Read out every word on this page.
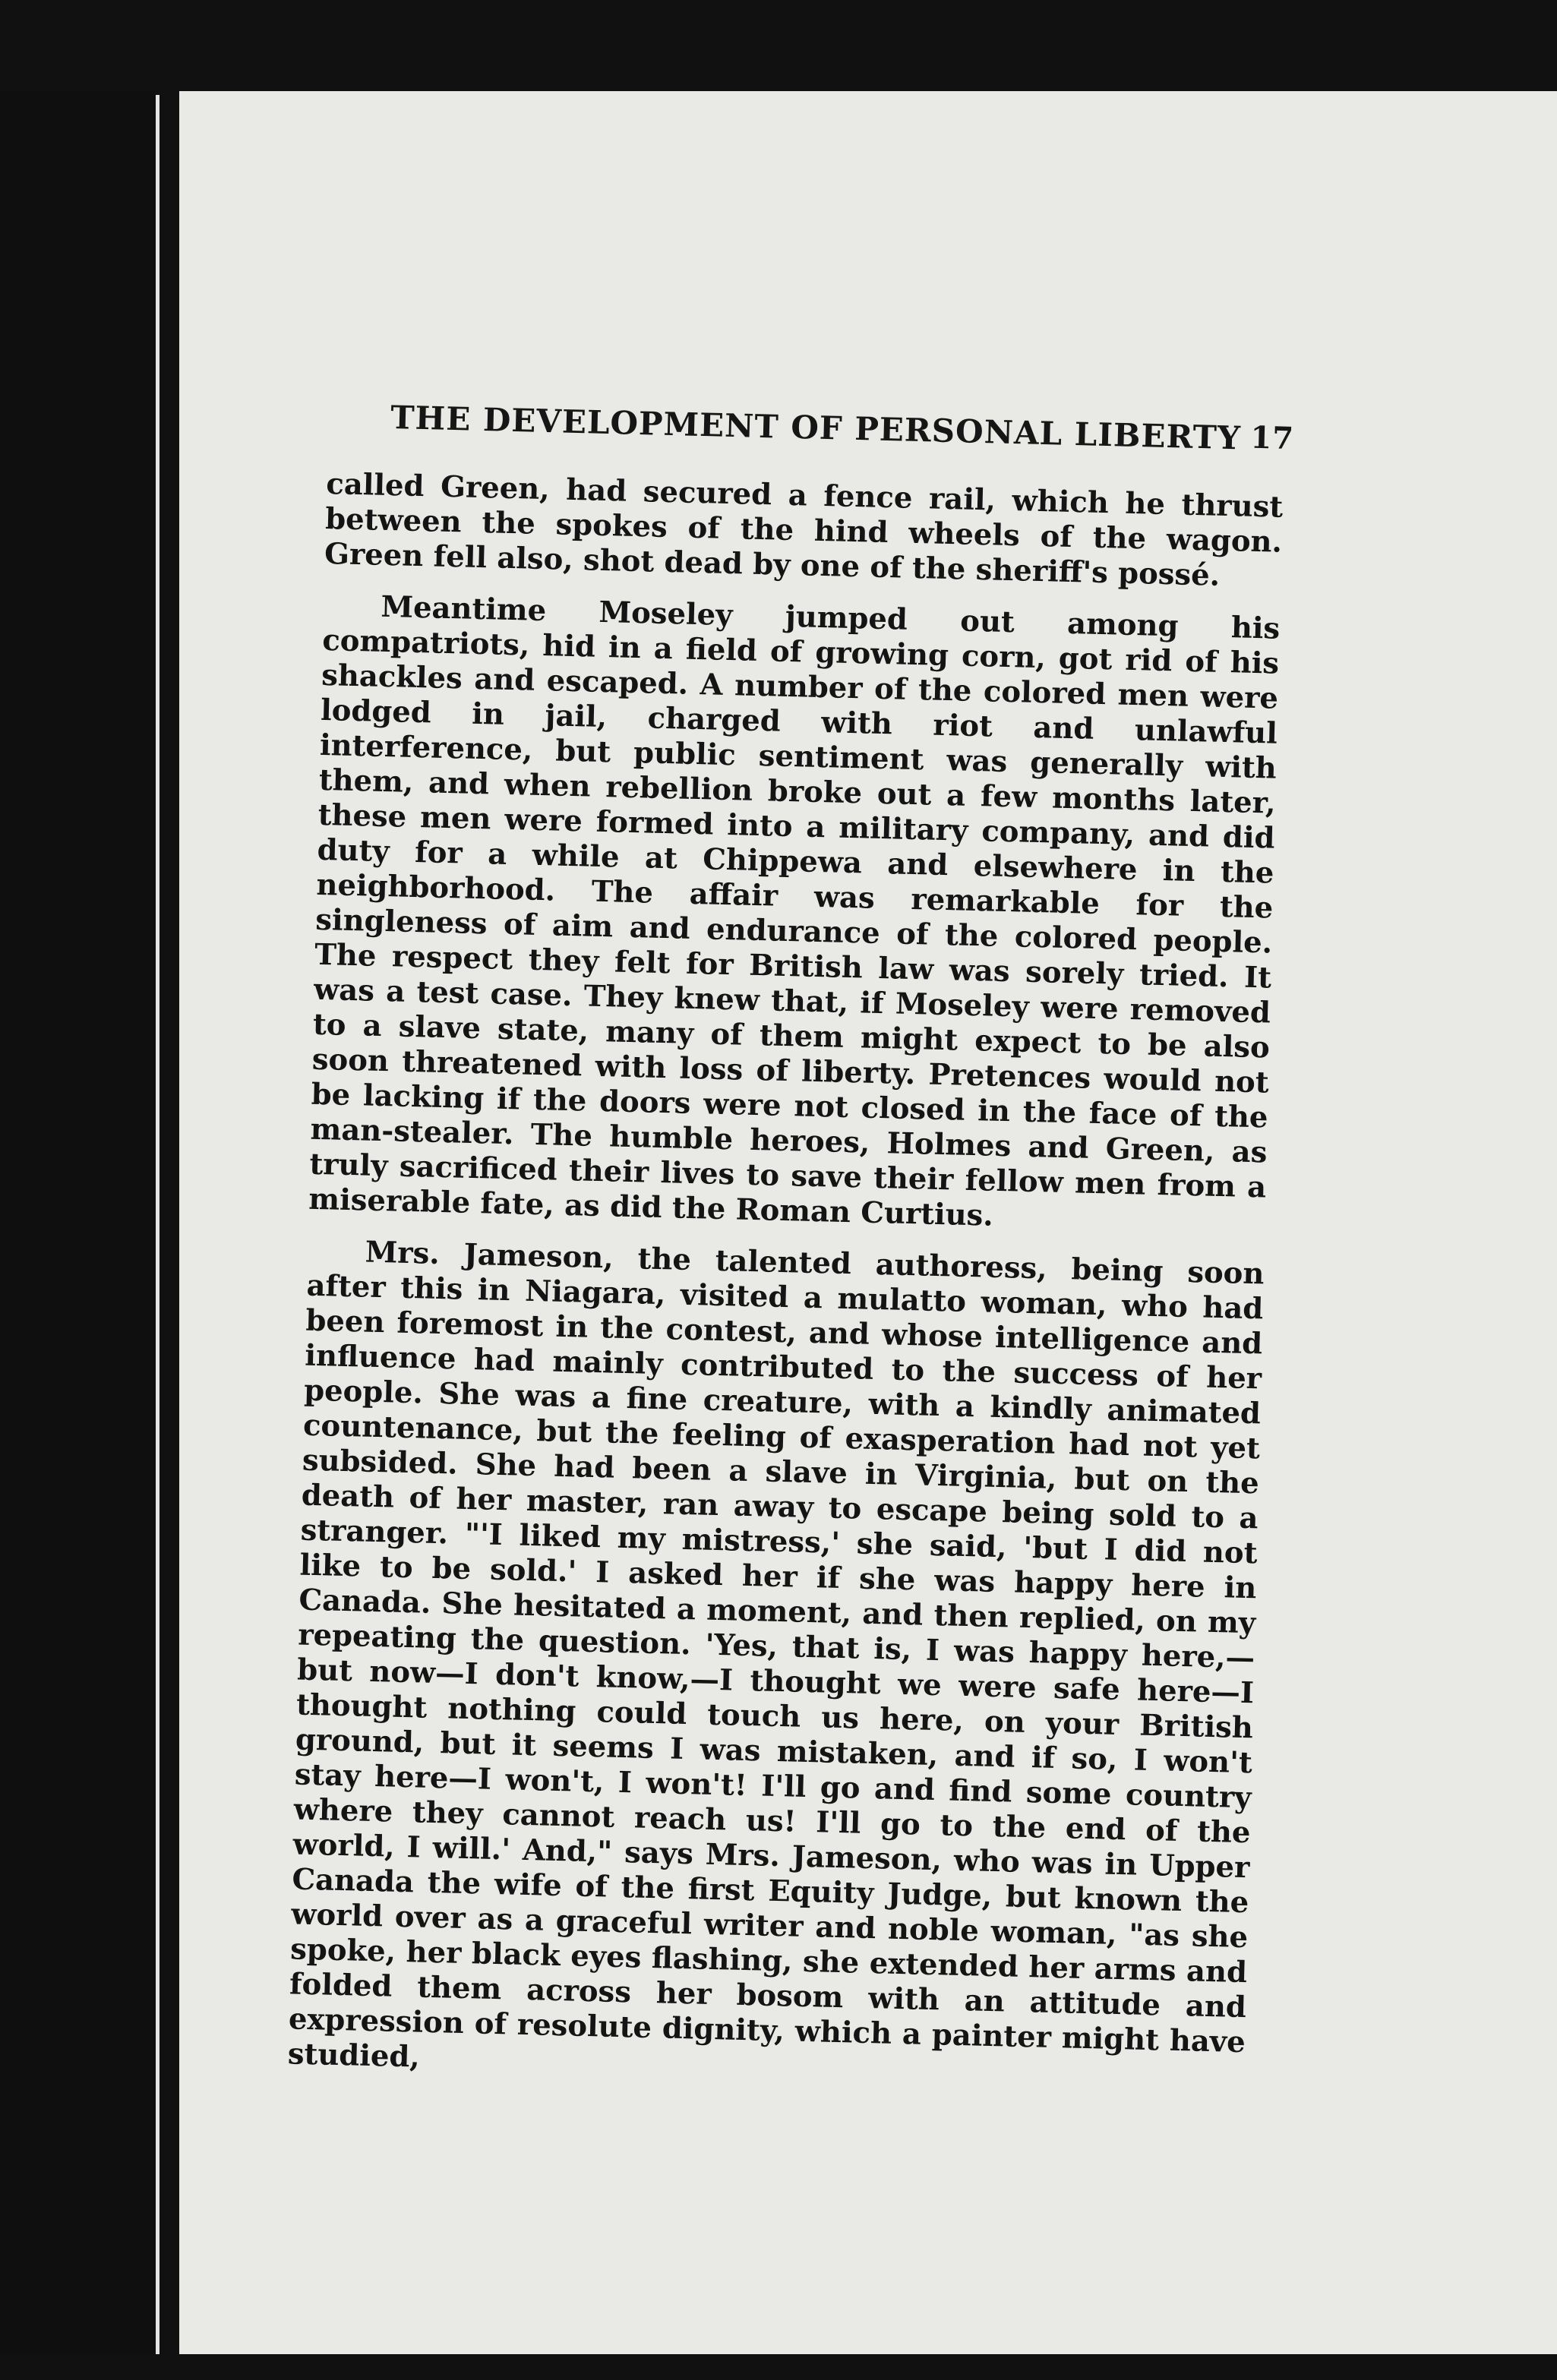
THE DEVELOPMENT OF PERSONAL LIBERTY 17

called Green, had secured a fence rail, which he thrust between the spokes of the hind wheels of the wagon. Green fell also, shot dead by one of the sheriff's possé.

Meantime Moseley jumped out among his compatriots, hid in a field of growing corn, got rid of his shackles and escaped. A number of the colored men were lodged in jail, charged with riot and unlawful interference, but public sentiment was generally with them, and when rebellion broke out a few months later, these men were formed into a military company, and did duty for a while at Chippewa and elsewhere in the neighborhood. The affair was remarkable for the singleness of aim and endurance of the colored people. The respect they felt for British law was sorely tried. It was a test case. They knew that, if Moseley were removed to a slave state, many of them might expect to be also soon threatened with loss of liberty. Pretences would not be lacking if the doors were not closed in the face of the man-stealer. The humble heroes, Holmes and Green, as truly sacrificed their lives to save their fellow men from a miserable fate, as did the Roman Curtius.

Mrs. Jameson, the talented authoress, being soon after this in Niagara, visited a mulatto woman, who had been foremost in the contest, and whose intelligence and influence had mainly contributed to the success of her people. She was a fine creature, with a kindly animated countenance, but the feeling of exasperation had not yet subsided. She had been a slave in Virginia, but on the death of her master, ran away to escape being sold to a stranger. "'I liked my mistress,' she said, 'but I did not like to be sold.' I asked her if she was happy here in Canada. She hesitated a moment, and then replied, on my repeating the question. 'Yes, that is, I was happy here,—but now—I don't know,—I thought we were safe here—I thought nothing could touch us here, on your British ground, but it seems I was mistaken, and if so, I won't stay here—I won't, I won't! I'll go and find some country where they cannot reach us! I'll go to the end of the world, I will.' And," says Mrs. Jameson, who was in Upper Canada the wife of the first Equity Judge, but known the world over as a graceful writer and noble woman, "as she spoke, her black eyes flashing, she extended her arms and folded them across her bosom with an attitude and expression of resolute dignity, which a painter might have studied,
